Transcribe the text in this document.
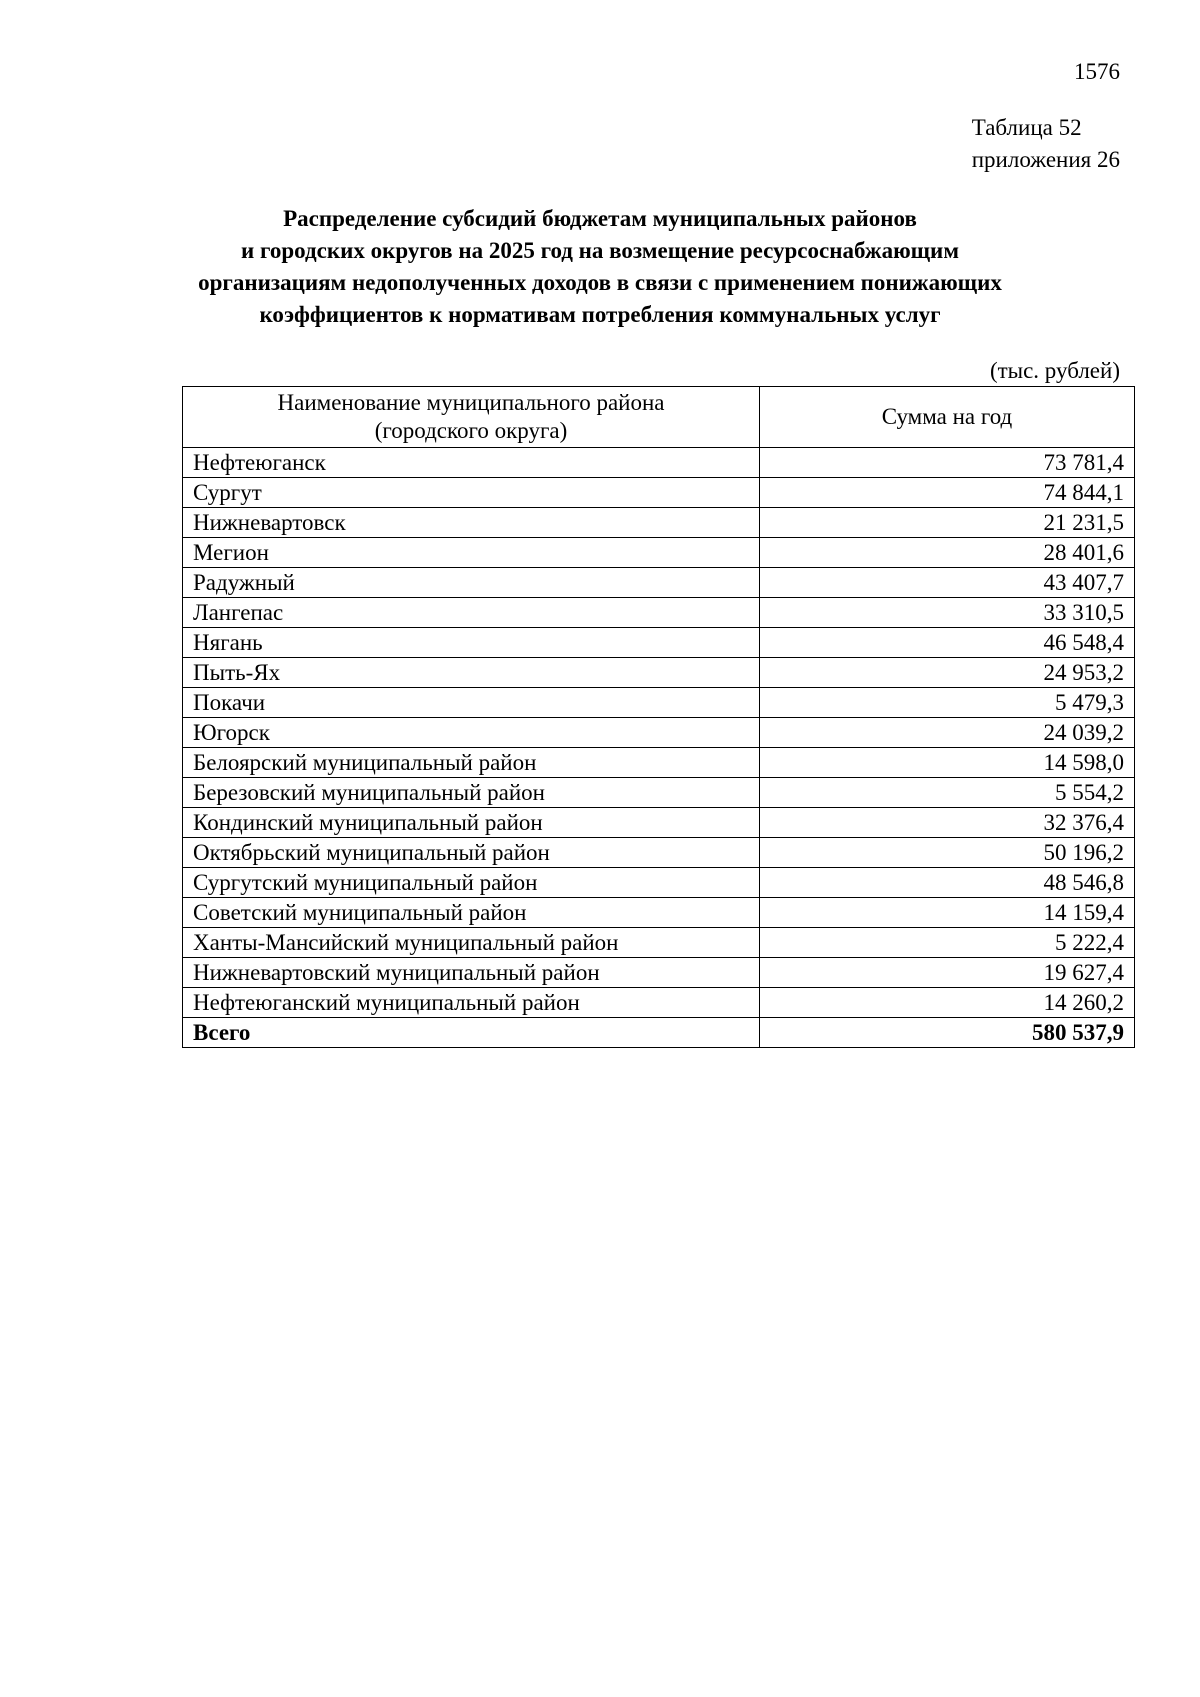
1576
Таблица 52
приложения 26
Распределение субсидий бюджетам муниципальных районов
и городских округов на 2025 год на возмещение ресурсоснабжающим
организациям недополученных доходов в связи с применением понижающих
коэффициентов к нормативам потребления коммунальных услуг
(тыс. рублей)
Наименование муниципального района
(городского округа)	Сумма на год
Нефтеюганск	73 781,4
Сургут	74 844,1
Нижневартовск	21 231,5
Мегион	28 401,6
Радужный	43 407,7
Лангепас	33 310,5
Нягань	46 548,4
Пыть-Ях	24 953,2
Покачи	5 479,3
Югорск	24 039,2
Белоярский муниципальный район	14 598,0
Березовский муниципальный район	5 554,2
Кондинский муниципальный район	32 376,4
Октябрьский муниципальный район	50 196,2
Сургутский муниципальный район	48 546,8
Советский муниципальный район	14 159,4
Ханты-Мансийский муниципальный район	5 222,4
Нижневартовский муниципальный район	19 627,4
Нефтеюганский муниципальный район	14 260,2
Всего	580 537,9
